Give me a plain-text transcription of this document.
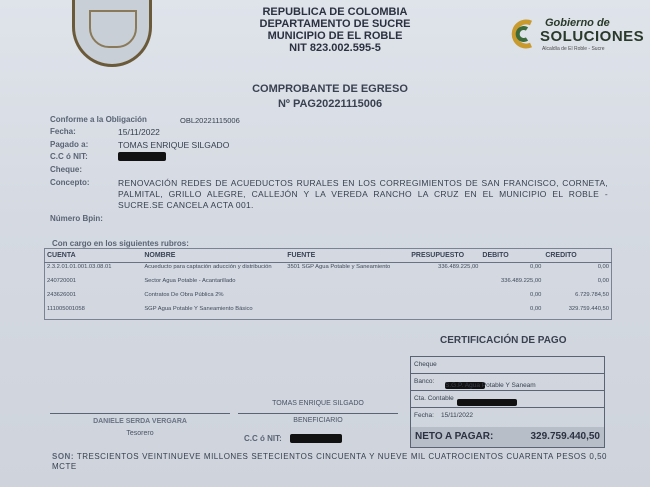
REPUBLICA DE COLOMBIA
DEPARTAMENTO DE SUCRE
MUNICIPIO DE EL ROBLE
NIT 823.002.595-5
Gobierno de
SOLUCIONES
Alcaldía de El Roble - Sucre
COMPROBANTE DE EGRESO
Nº PAG20221115006
Conforme a la Obligación	OBL20221115006
Fecha:	15/11/2022
Pagado a:	TOMAS ENRIQUE SILGADO
C.C ó NIT:
Cheque:
Concepto:	RENOVACIÓN REDES DE ACUEDUCTOS RURALES EN LOS CORREGIMIENTOS DE SAN FRANCISCO, CORNETA, PALMITAL, GRILLO ALEGRE, CALLEJÓN Y LA VEREDA RANCHO LA CRUZ EN EL MUNICIPIO EL ROBLE - SUCRE.SE CANCELA ACTA 001.
Número Bpin:
Con cargo en los siguientes rubros:
CUENTA	NOMBRE	FUENTE	PRESUPUESTO	DEBITO	CREDITO
2.3.2.01.01.001.03.08.01	Acueducto para captación aducción y distribución	3501 SGP Agua Potable y Saneamiento	336.489.225,00	0,00	0,00
240720001	Sector Agua Potable - Acantarillado			336.489.225,00	0,00
243626001	Contratos De Obra Pública 2%			0,00	6.729.784,50
111005001058	SGP Agua Potable Y Saneamiento Básico			0,00	329.759.440,50
CERTIFICACIÓN DE PAGO
Cheque
Banco:
S.G.P. Agua Potable Y Saneam
Cta. Contable
Fecha: 15/11/2022
NETO A PAGAR:	329.759.440,50
DANIELE SERDA VERGARA
Tesorero
TOMAS ENRIQUE SILGADO
BENEFICIARIO
C.C ó NIT:
SON: TRESCIENTOS VEINTINUEVE MILLONES SETECIENTOS CINCUENTA Y NUEVE MIL CUATROCIENTOS CUARENTA PESOS 0,50 MCTE
